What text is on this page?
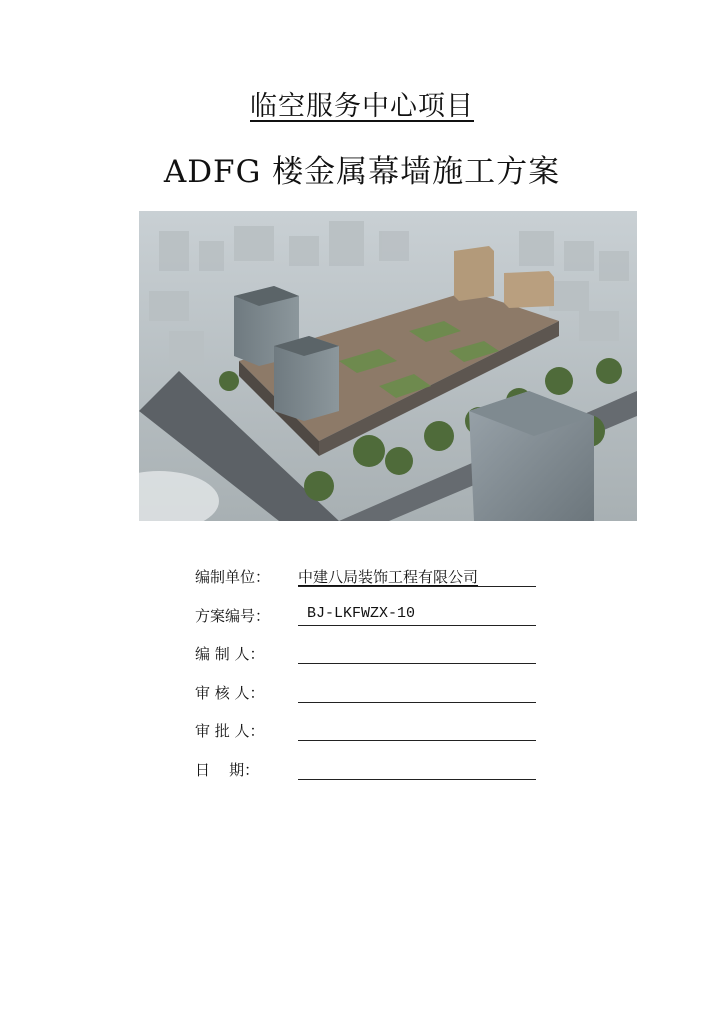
临空服务中心项目
ADFG 楼金属幕墙施工方案
编制单位：	中建八局装饰工程有限公司
方案编号：	BJ-LKFWZX-10
编 制 人：
审 核 人：
审 批 人：
日    期：
